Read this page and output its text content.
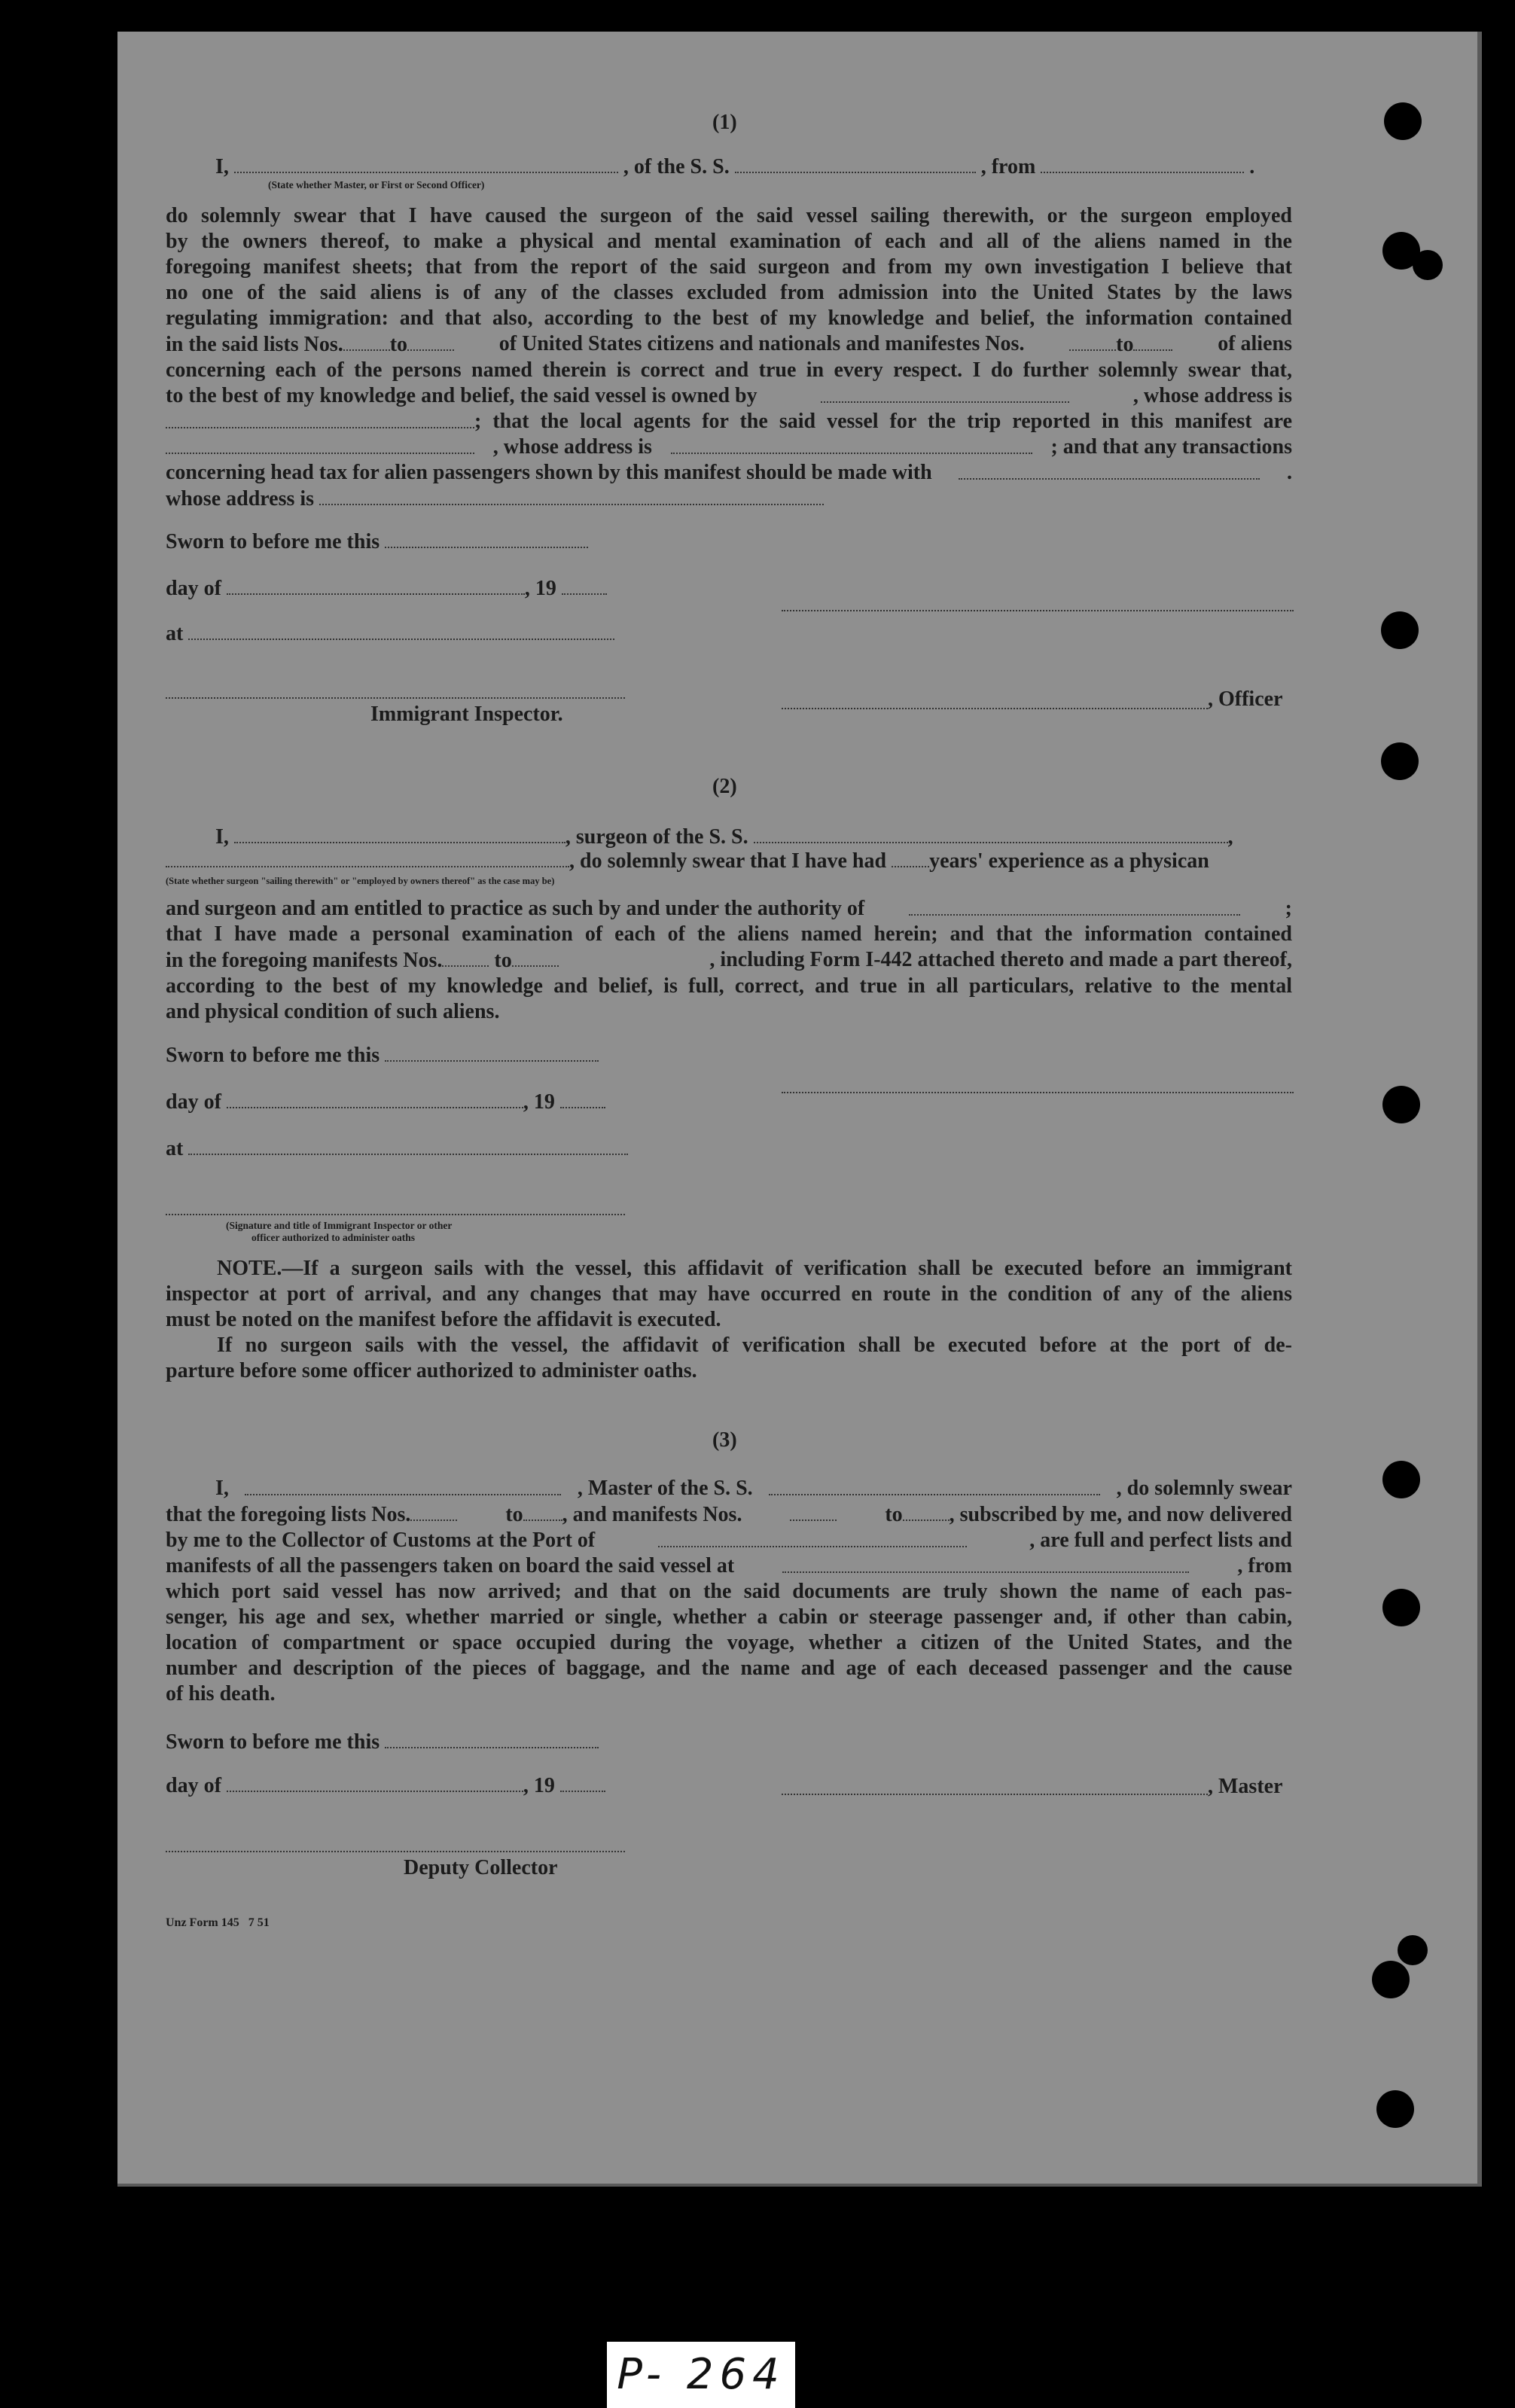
(1)
I,	, of the S. S.	, from	.
(State whether Master, or First or Second Officer)
do solemnly swear that I have caused the surgeon of the said vessel sailing therewith, or the surgeon employed
by the owners thereof, to make a physical and mental examination of each and all of the aliens named in the
foregoing manifest sheets; that from the report of the said surgeon and from my own investigation I believe that
no one of the said aliens is of any of the classes excluded from admission into the United States by the laws
regulating immigration: and that also, according to the best of my knowledge and belief, the information contained
in the said lists Nos. to	of United States citizens and nationals and manifestes Nos.	to	of aliens
concerning each of the persons named therein is correct and true in every respect. I do further solemnly swear that,
to the best of my knowledge and belief, the said vessel is owned by	, whose address is
; that the local agents for the said vessel for the trip reported in this manifest are
, whose address is	; and that any transactions
concerning head tax for alien passengers shown by this manifest should be made with	.
whose address is
Sworn to before me this
day of	, 19
at
, Officer
Immigrant Inspector.
(2)
I,	, surgeon of the S. S.	,
, do solemnly swear that I have had years' experience as a physican
(State whether surgeon "sailing therewith" or "employed by owners thereof" as the case may be)
and surgeon and am entitled to practice as such by and under the authority of	;
that I have made a personal examination of each of the aliens named herein; and that the information contained
in the foregoing manifests Nos. to	, including Form I-442 attached thereto and made a part thereof,
according to the best of my knowledge and belief, is full, correct, and true in all particulars, relative to the mental
and physical condition of such aliens.
Sworn to before me this
day of	, 19
at
(Signature and title of Immigrant Inspector or other
officer authorized to administer oaths
NOTE.—If a surgeon sails with the vessel, this affidavit of verification shall be executed before an immigrant
inspector at port of arrival, and any changes that may have occurred en route in the condition of any of the aliens
must be noted on the manifest before the affidavit is executed.
If no surgeon sails with the vessel, the affidavit of verification shall be executed before at the port of de-
parture before some officer authorized to administer oaths.
(3)
I,	, Master of the S. S.	, do solemnly swear
that the foregoing lists Nos.	to , and manifests Nos.	to , subscribed by me, and now delivered
by me to the Collector of Customs at the Port of	, are full and perfect lists and
manifests of all the passengers taken on board the said vessel at	, from
which port said vessel has now arrived; and that on the said documents are truly shown the name of each pas-
senger, his age and sex, whether married or single, whether a cabin or steerage passenger and, if other than cabin,
location of compartment or space occupied during the voyage, whether a citizen of the United States, and the
number and description of the pieces of baggage, and the name and age of each deceased passenger and the cause
of his death.
Sworn to before me this
day of	, 19	, Master
Deputy Collector
Unz Form 145   7 51
P- 264
